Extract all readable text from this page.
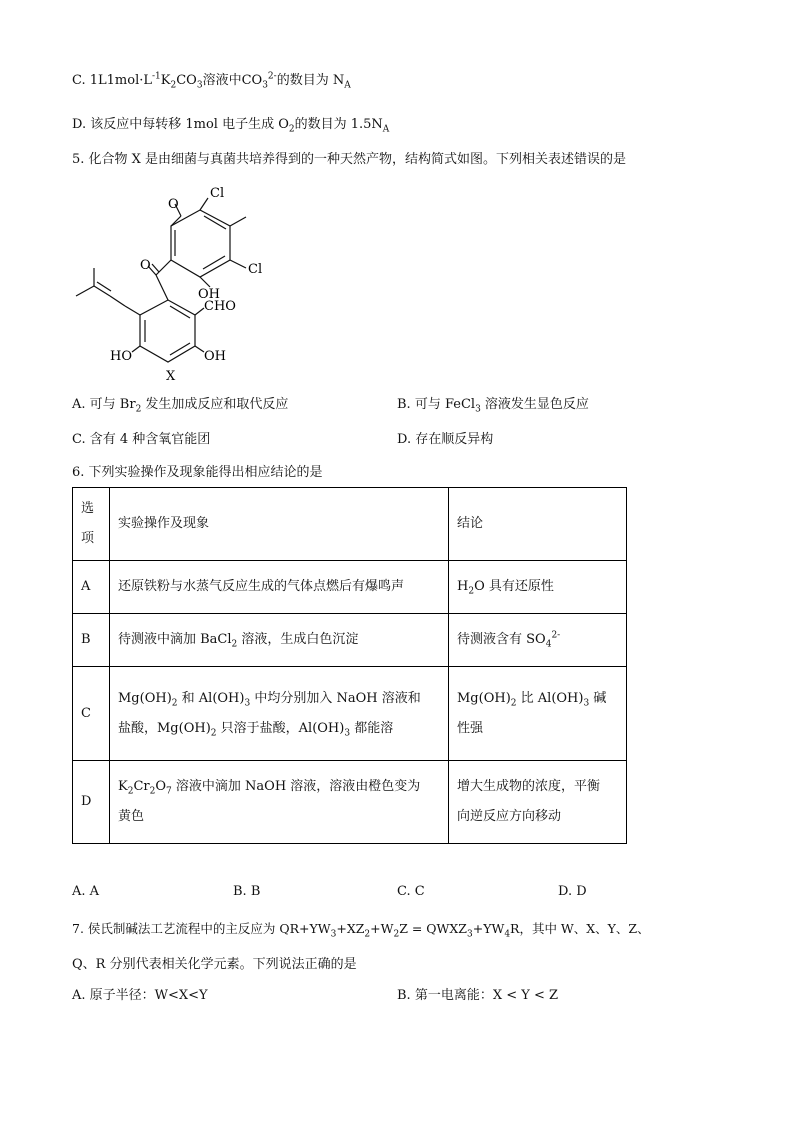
C. $1L1mol\cdot L^{-1}K_2CO_3$溶液中$CO_3^{2-}$的数目为 $N_A$
D. 该反应中每转移 1mol 电子生成 $O_2$的数目为 $1.5N_A$
5. 化合物 X 是由细菌与真菌共培养得到的一种天然产物，结构简式如图。下列相关表述错误的是
O
Cl
Cl
OH
O
CHO
OH
HO
X
A. 可与 $Br_2$ 发生加成反应和取代反应	B. 可与 FeCl$_3$ 溶液发生显色反应
C. 含有 4 种含氧官能团	D. 存在顺反异构
6. 下列实验操作及现象能得出相应结论的是
选
项	实验操作及现象	结论
A	还原铁粉与水蒸气反应生成的气体点燃后有爆鸣声	$H_2O$ 具有还原性
B	待测液中滴加 BaCl$_2$ 溶液，生成白色沉淀	待测液含有 $SO_4^{2-}$
C	$Mg(OH)_2$ 和 $Al(OH)_3$ 中均分别加入 NaOH 溶液和
盐酸，$Mg(OH)_2$ 只溶于盐酸，$Al(OH)_3$ 都能溶	$Mg(OH)_2$ 比 $Al(OH)_3$ 碱
性强
D	$K_2Cr_2O_7$ 溶液中滴加 NaOH 溶液，溶液由橙色变为
黄色	增大生成物的浓度，平衡
向逆反应方向移动
A. A	B. B	C. C	D. D
7. 侯氏制碱法工艺流程中的主反应为 $QR+YW_3+XZ_2+W_2Z$ = $QWXZ_3+YW_4R$，其中 W、X、Y、Z、
Q、R 分别代表相关化学元素。下列说法正确的是
A. 原子半径：W<X<Y	B. 第一电离能：X < Y < Z
